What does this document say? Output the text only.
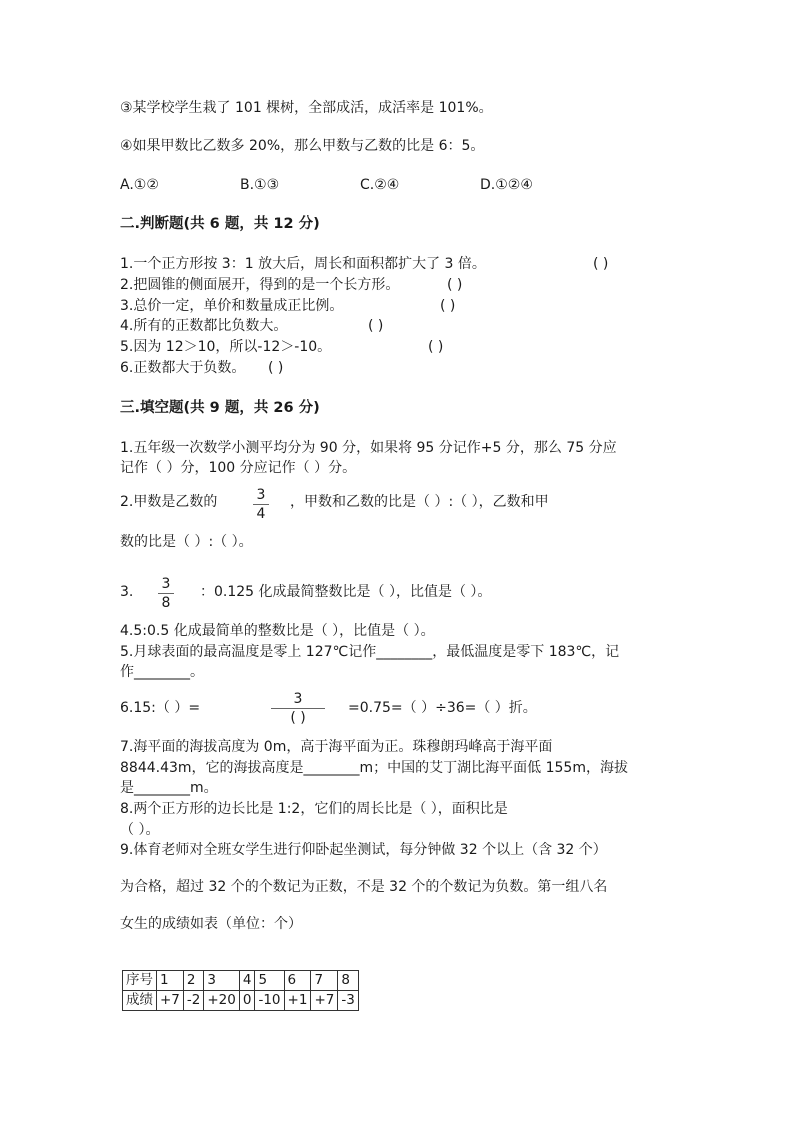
③某学校学生栽了 101 棵树，全部成活，成活率是 101%。
④如果甲数比乙数多 20%，那么甲数与乙数的比是 6：5。
A.①②	B.①③	C.②④	D.①②④
二.判断题(共 6 题，共 12 分)
1.一个正方形按 3：1 放大后，周长和面积都扩大了 3 倍。	( )
2.把圆锥的侧面展开，得到的是一个长方形。	( )
3.总价一定，单价和数量成正比例。	( )
4.所有的正数都比负数大。	( )
5.因为 12＞10，所以-12＞-10。	( )
6.正数都大于负数。 ( )
三.填空题(共 9 题，共 26 分)
1.五年级一次数学小测平均分为 90 分，如果将 95 分记作+5 分，那么 75 分应
记作（ ）分，100 分应记作（ ）分。
2.甲数是乙数的	3
4
，甲数和乙数的比是（ ）:（ ），乙数和甲
数的比是（ ）:（ ）。
3. 3
8
：0.125 化成最简整数比是（ ），比值是（ ）。
4.5:0.5 化成最简单的整数比是（ ），比值是（ ）。
5.月球表面的最高温度是零上 127℃记作________，最低温度是零下 183℃，记
作________。
6.15:（ ）=
3
( )
=0.75=（ ）÷36=（ ）折。
7.海平面的海拔高度为 0m，高于海平面为正。珠穆朗玛峰高于海平面
8844.43m，它的海拔高度是________m；中国的艾丁湖比海平面低 155m，海拔
是________m。
8.两个正方形的边长比是 1:2，它们的周长比是（ ），面积比是
（ ）。
9.体育老师对全班女学生进行仰卧起坐测试，每分钟做 32 个以上（含 32 个）
为合格，超过 32 个的个数记为正数，不是 32 个的个数记为负数。第一组八名
女生的成绩如表（单位：个）
序号	1	2	3	4	5	6	7	8
成绩	+7	-2	+20	0	-10	+1	+7	-3
